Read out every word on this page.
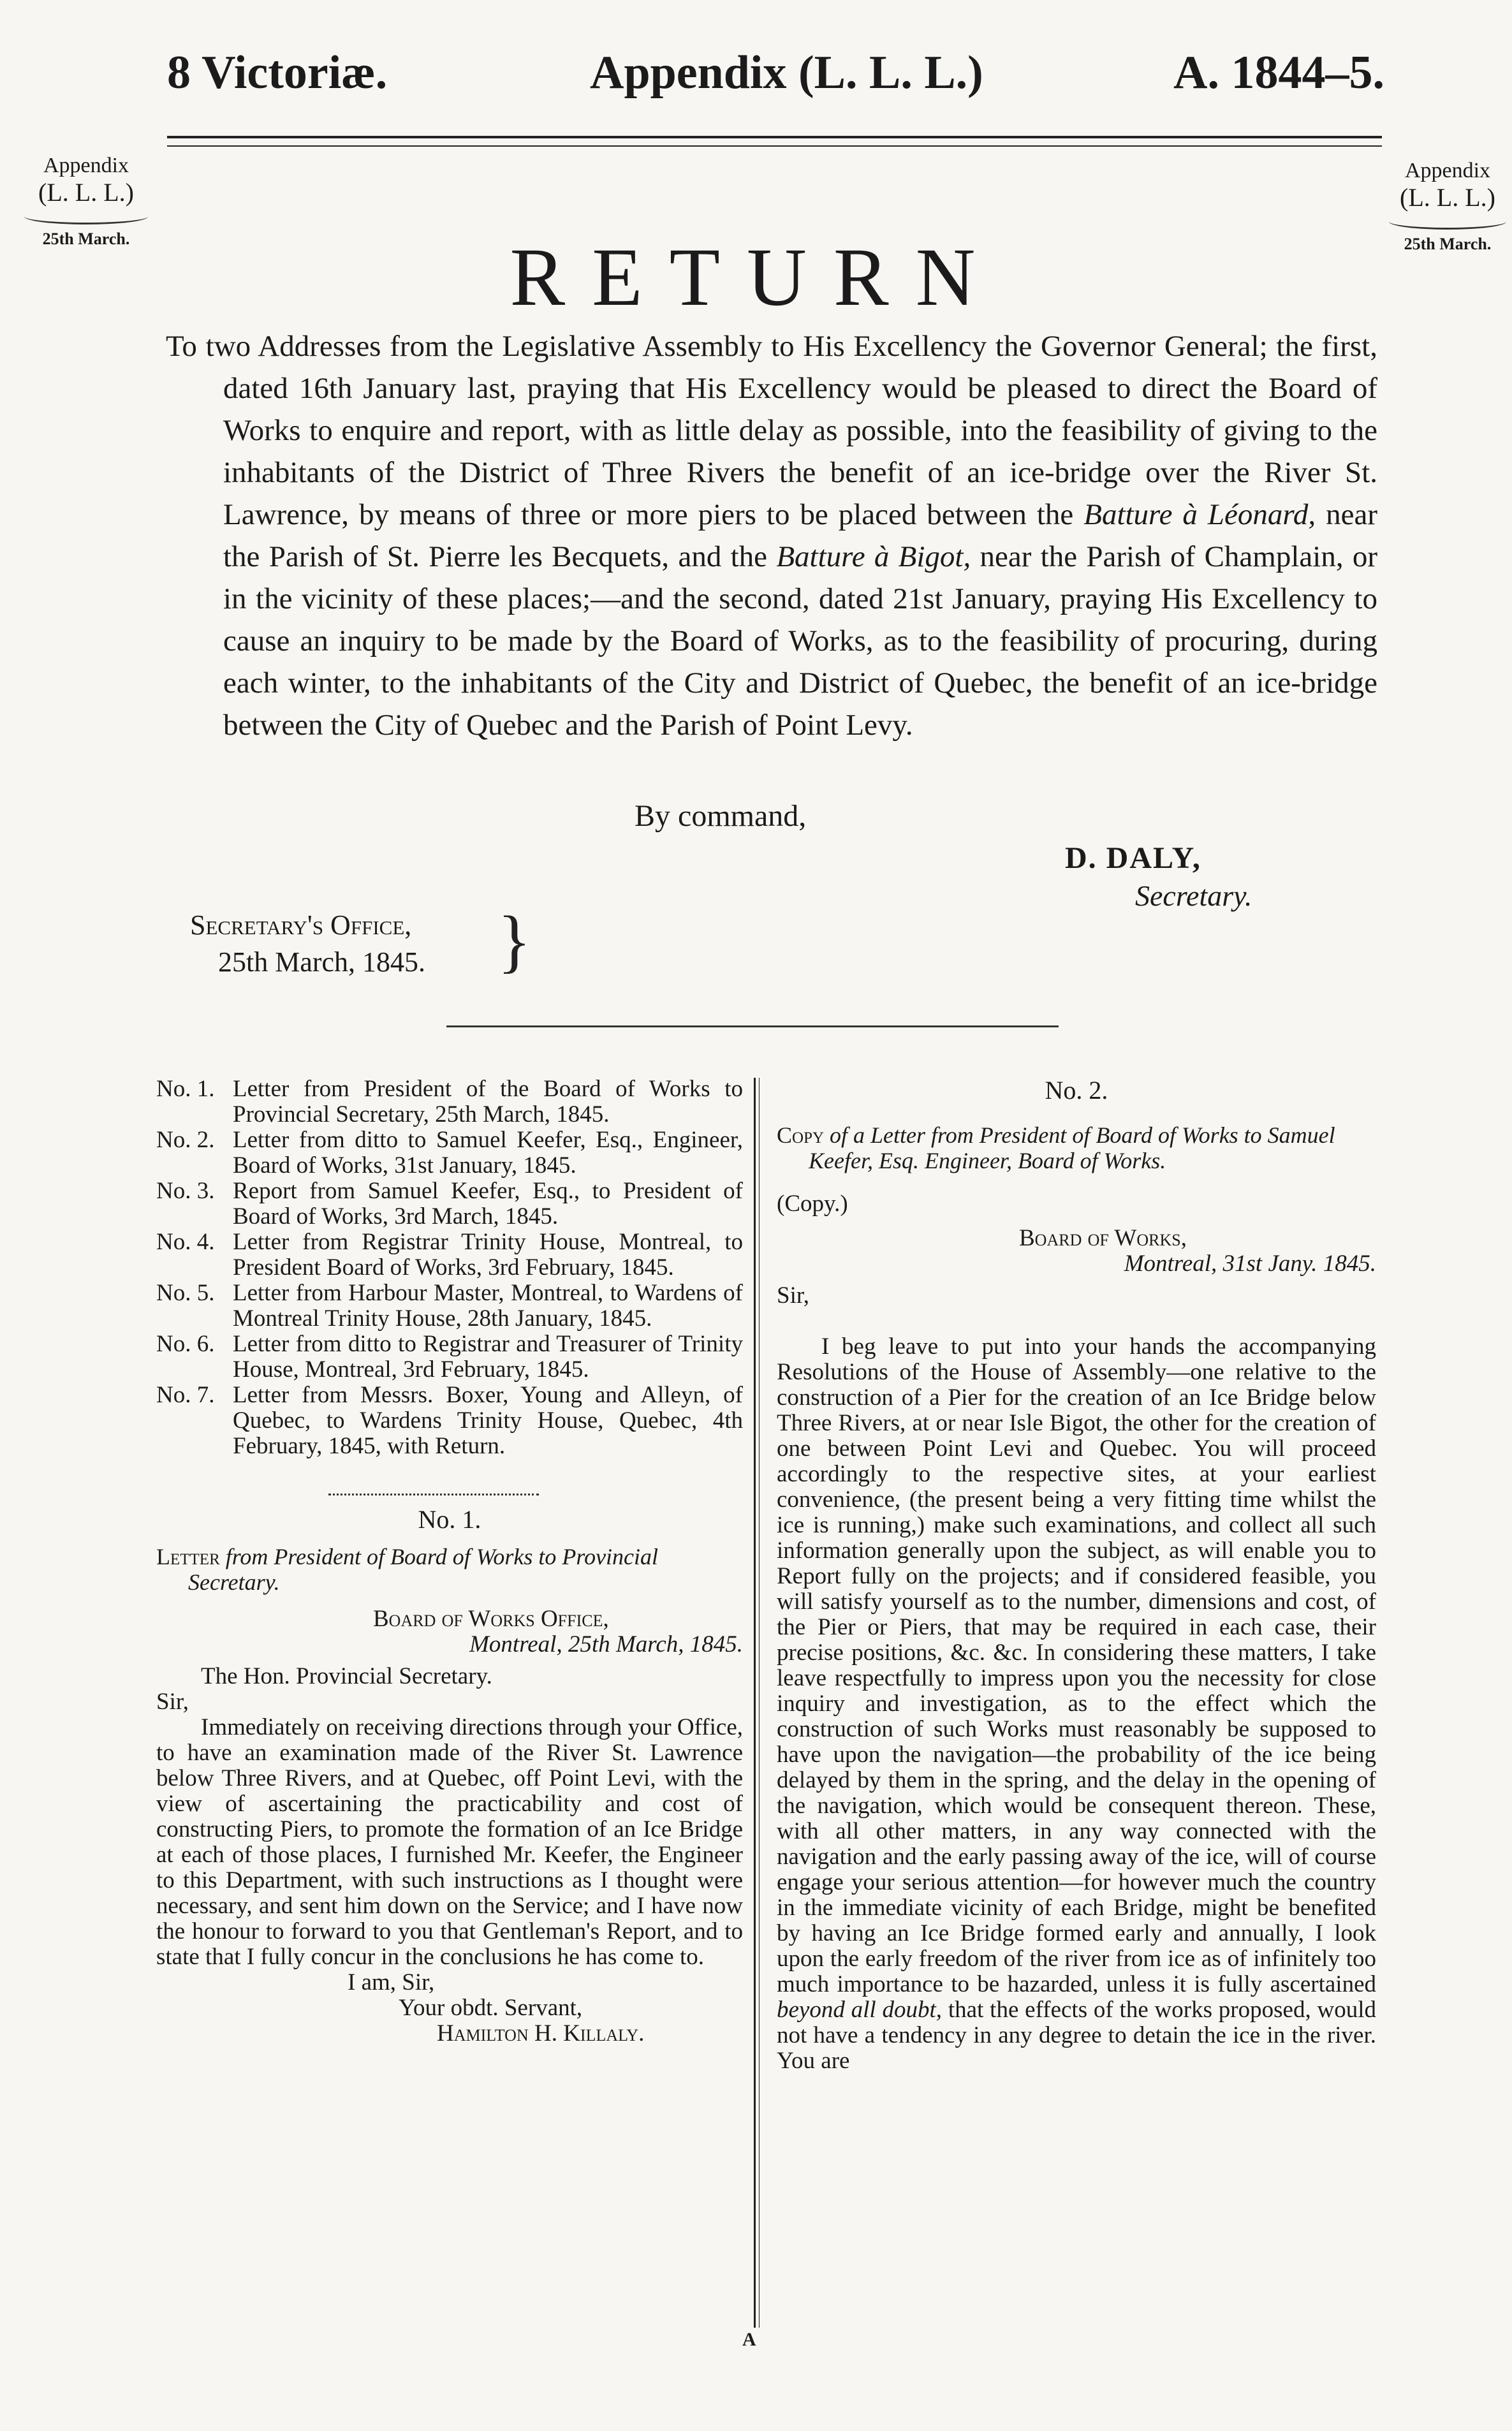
8 Victoriæ.	Appendix (L. L. L.)	A. 1844–5.
Appendix
(L. L. L.)
25th March.
Appendix
(L. L. L.)
25th March.
RETURN

To two Addresses from the Legislative Assembly to His Excellency the Governor General; the first, dated 16th January last, praying that His Excellency would be pleased to direct the Board of Works to enquire and report, with as little delay as possible, into the feasibility of giving to the inhabitants of the District of Three Rivers the benefit of an ice-bridge over the River St. Lawrence, by means of three or more piers to be placed between the Batture à Léonard, near the Parish of St. Pierre les Becquets, and the Batture à Bigot, near the Parish of Champlain, or in the vicinity of these places;—and the second, dated 21st January, praying His Excellency to cause an inquiry to be made by the Board of Works, as to the feasibility of procuring, during each winter, to the inhabitants of the City and District of Quebec, the benefit of an ice-bridge between the City of Quebec and the Parish of Point Levy.

By command,
D. DALY,
Secretary.
Secretary's Office,
25th March, 1845. }
No. 1. Letter from President of the Board of Works to Provincial Secretary, 25th March, 1845.
No. 2. Letter from ditto to Samuel Keefer, Esq., Engineer, Board of Works, 31st January, 1845.
No. 3. Report from Samuel Keefer, Esq., to President of Board of Works, 3rd March, 1845.
No. 4. Letter from Registrar Trinity House, Montreal, to President Board of Works, 3rd February, 1845.
No. 5. Letter from Harbour Master, Montreal, to Wardens of Montreal Trinity House, 28th January, 1845.
No. 6. Letter from ditto to Registrar and Treasurer of Trinity House, Montreal, 3rd February, 1845.
No. 7. Letter from Messrs. Boxer, Young and Alleyn, of Quebec, to Wardens Trinity House, Quebec, 4th February, 1845, with Return.
No. 1.
Letter from President of Board of Works to Provincial Secretary.
Board of Works Office,
Montreal, 25th March, 1845.
The Hon. Provincial Secretary.
Sir,

Immediately on receiving directions through your Office, to have an examination made of the River St. Lawrence below Three Rivers, and at Quebec, off Point Levi, with the view of ascertaining the practicability and cost of constructing Piers, to promote the formation of an Ice Bridge at each of those places, I furnished Mr. Keefer, the Engineer to this Department, with such instructions as I thought were necessary, and sent him down on the Service; and I have now the honour to forward to you that Gentleman's Report, and to state that I fully concur in the conclusions he has come to.

I am, Sir,
Your obdt. Servant,
Hamilton H. Killaly.
No. 2.
Copy of a Letter from President of Board of Works to Samuel Keefer, Esq. Engineer, Board of Works.
(Copy.)
Board of Works,
Montreal, 31st Jany. 1845.
Sir,

I beg leave to put into your hands the accompanying Resolutions of the House of Assembly—one relative to the construction of a Pier for the creation of an Ice Bridge below Three Rivers, at or near Isle Bigot, the other for the creation of one between Point Levi and Quebec. You will proceed accordingly to the respective sites, at your earliest convenience, (the present being a very fitting time whilst the ice is running,) make such examinations, and collect all such information generally upon the subject, as will enable you to Report fully on the projects; and if considered feasible, you will satisfy yourself as to the number, dimensions and cost, of the Pier or Piers, that may be required in each case, their precise positions, &c. &c. In considering these matters, I take leave respectfully to impress upon you the necessity for close inquiry and investigation, as to the effect which the construction of such Works must reasonably be supposed to have upon the navigation—the probability of the ice being delayed by them in the spring, and the delay in the opening of the navigation, which would be consequent thereon. These, with all other matters, in any way connected with the navigation and the early passing away of the ice, will of course engage your serious attention—for however much the country in the immediate vicinity of each Bridge, might be benefited by having an Ice Bridge formed early and annually, I look upon the early freedom of the river from ice as of infinitely too much importance to be hazarded, unless it is fully ascertained beyond all doubt, that the effects of the works proposed, would not have a tendency in any degree to detain the ice in the river. You are

A
